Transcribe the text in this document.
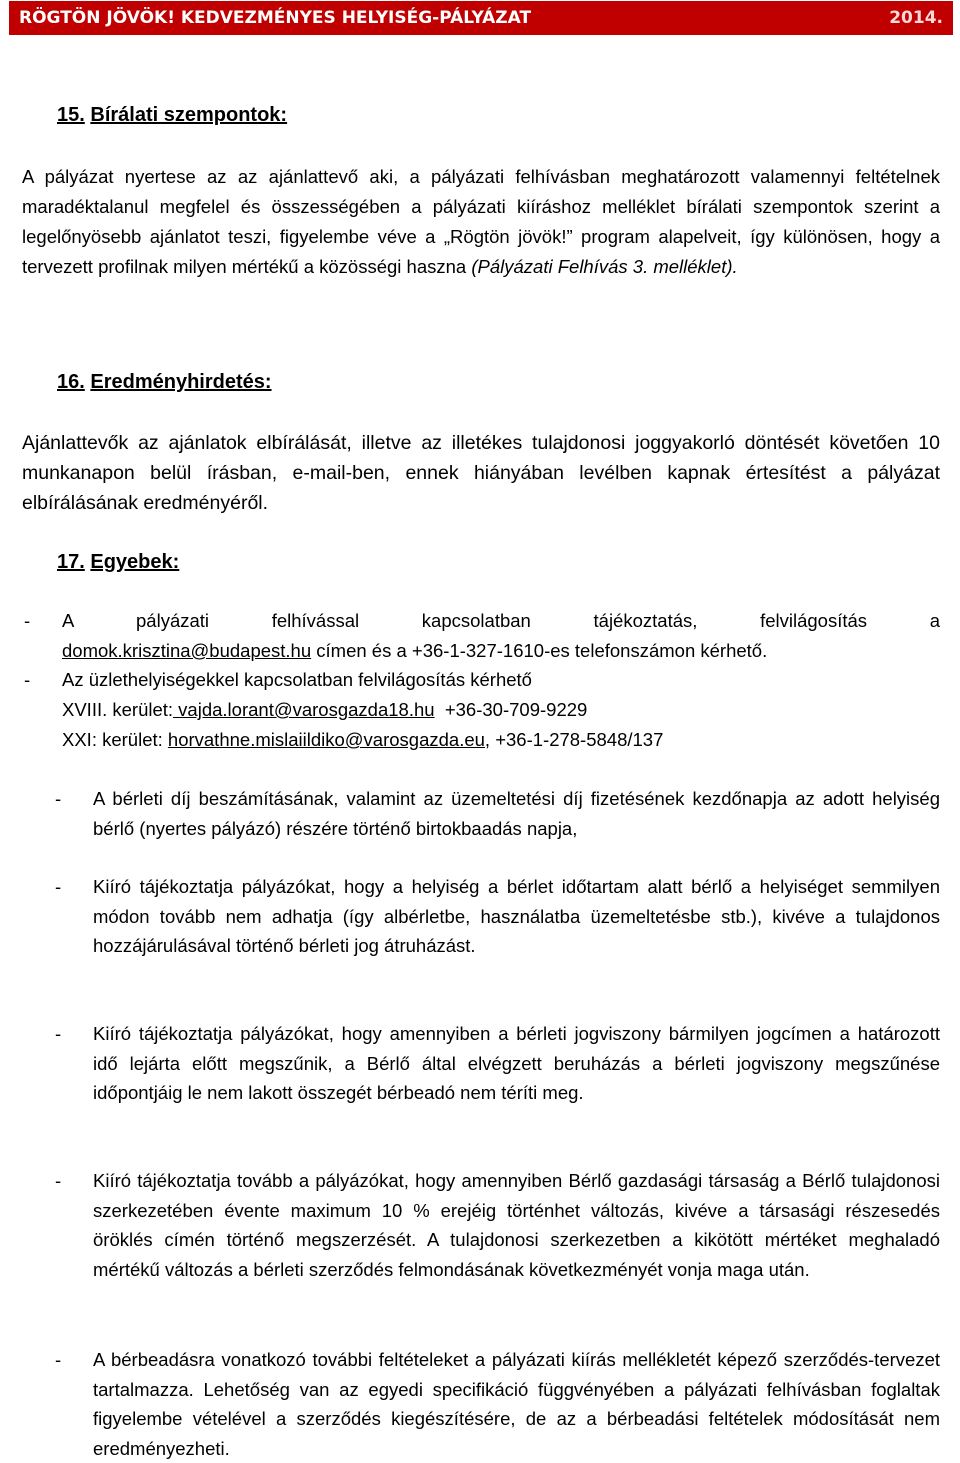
RÖGTÖN JÖVÖK! KEDVEZMÉNYES HELYISÉG-PÁLYÁZAT	2014.
15. Bírálati szempontok:
A pályázat nyertese az az ajánlattevő aki, a pályázati felhívásban meghatározott valamennyi feltételnek maradéktalanul megfelel és összességében a pályázati kiíráshoz melléklet bírálati szempontok szerint a legelőnyösebb ajánlatot teszi, figyelembe véve a „Rögtön jövök!” program alapelveit, így különösen, hogy a tervezett profilnak milyen mértékű a közösségi haszna (Pályázati Felhívás 3. melléklet).
16. Eredményhirdetés:
Ajánlattevők az ajánlatok elbírálását, illetve az illetékes tulajdonosi joggyakorló döntését követően 10 munkanapon belül írásban, e-mail-ben, ennek hiányában levélben kapnak értesítést a pályázat elbírálásának eredményéről.
17. Egyebek:
- A pályázati felhívással kapcsolatban tájékoztatás, felvilágosítás a
domok.krisztina@budapest.hu címen és a +36-1-327-1610-es telefonszámon kérhető.
- Az üzlethelyiségekkel kapcsolatban felvilágosítás kérhető
XVIII. kerület: vajda.lorant@varosgazda18.hu  +36-30-709-9229
XXI: kerület: horvathne.mislaiildiko@varosgazda.eu, +36-1-278-5848/137
- A bérleti díj beszámításának, valamint az üzemeltetési díj fizetésének kezdőnapja az adott helyiség bérlő (nyertes pályázó) részére történő birtokbaadás napja,
- Kiíró tájékoztatja pályázókat, hogy a helyiség a bérlet időtartam alatt bérlő a helyiséget semmilyen módon tovább nem adhatja (így albérletbe, használatba üzemeltetésbe stb.), kivéve a tulajdonos hozzájárulásával történő bérleti jog átruházást.
- Kiíró tájékoztatja pályázókat, hogy amennyiben a bérleti jogviszony bármilyen jogcímen a határozott idő lejárta előtt megszűnik, a Bérlő által elvégzett beruházás a bérleti jogviszony megszűnése időpontjáig le nem lakott összegét bérbeadó nem téríti meg.
- Kiíró tájékoztatja tovább a pályázókat, hogy amennyiben Bérlő gazdasági társaság a Bérlő tulajdonosi szerkezetében évente maximum 10 % erejéig történhet változás, kivéve a társasági részesedés öröklés címén történő megszerzését. A tulajdonosi szerkezetben a kikötött mértéket meghaladó mértékű változás a bérleti szerződés felmondásának következményét vonja maga után.
- A bérbeadásra vonatkozó további feltételeket a pályázati kiírás mellékletét képező szerződés-tervezet tartalmazza. Lehetőség van az egyedi specifikáció függvényében a pályázati felhívásban foglaltak figyelembe vételével a szerződés kiegészítésére, de az a bérbeadási feltételek módosítását nem eredményezheti.
